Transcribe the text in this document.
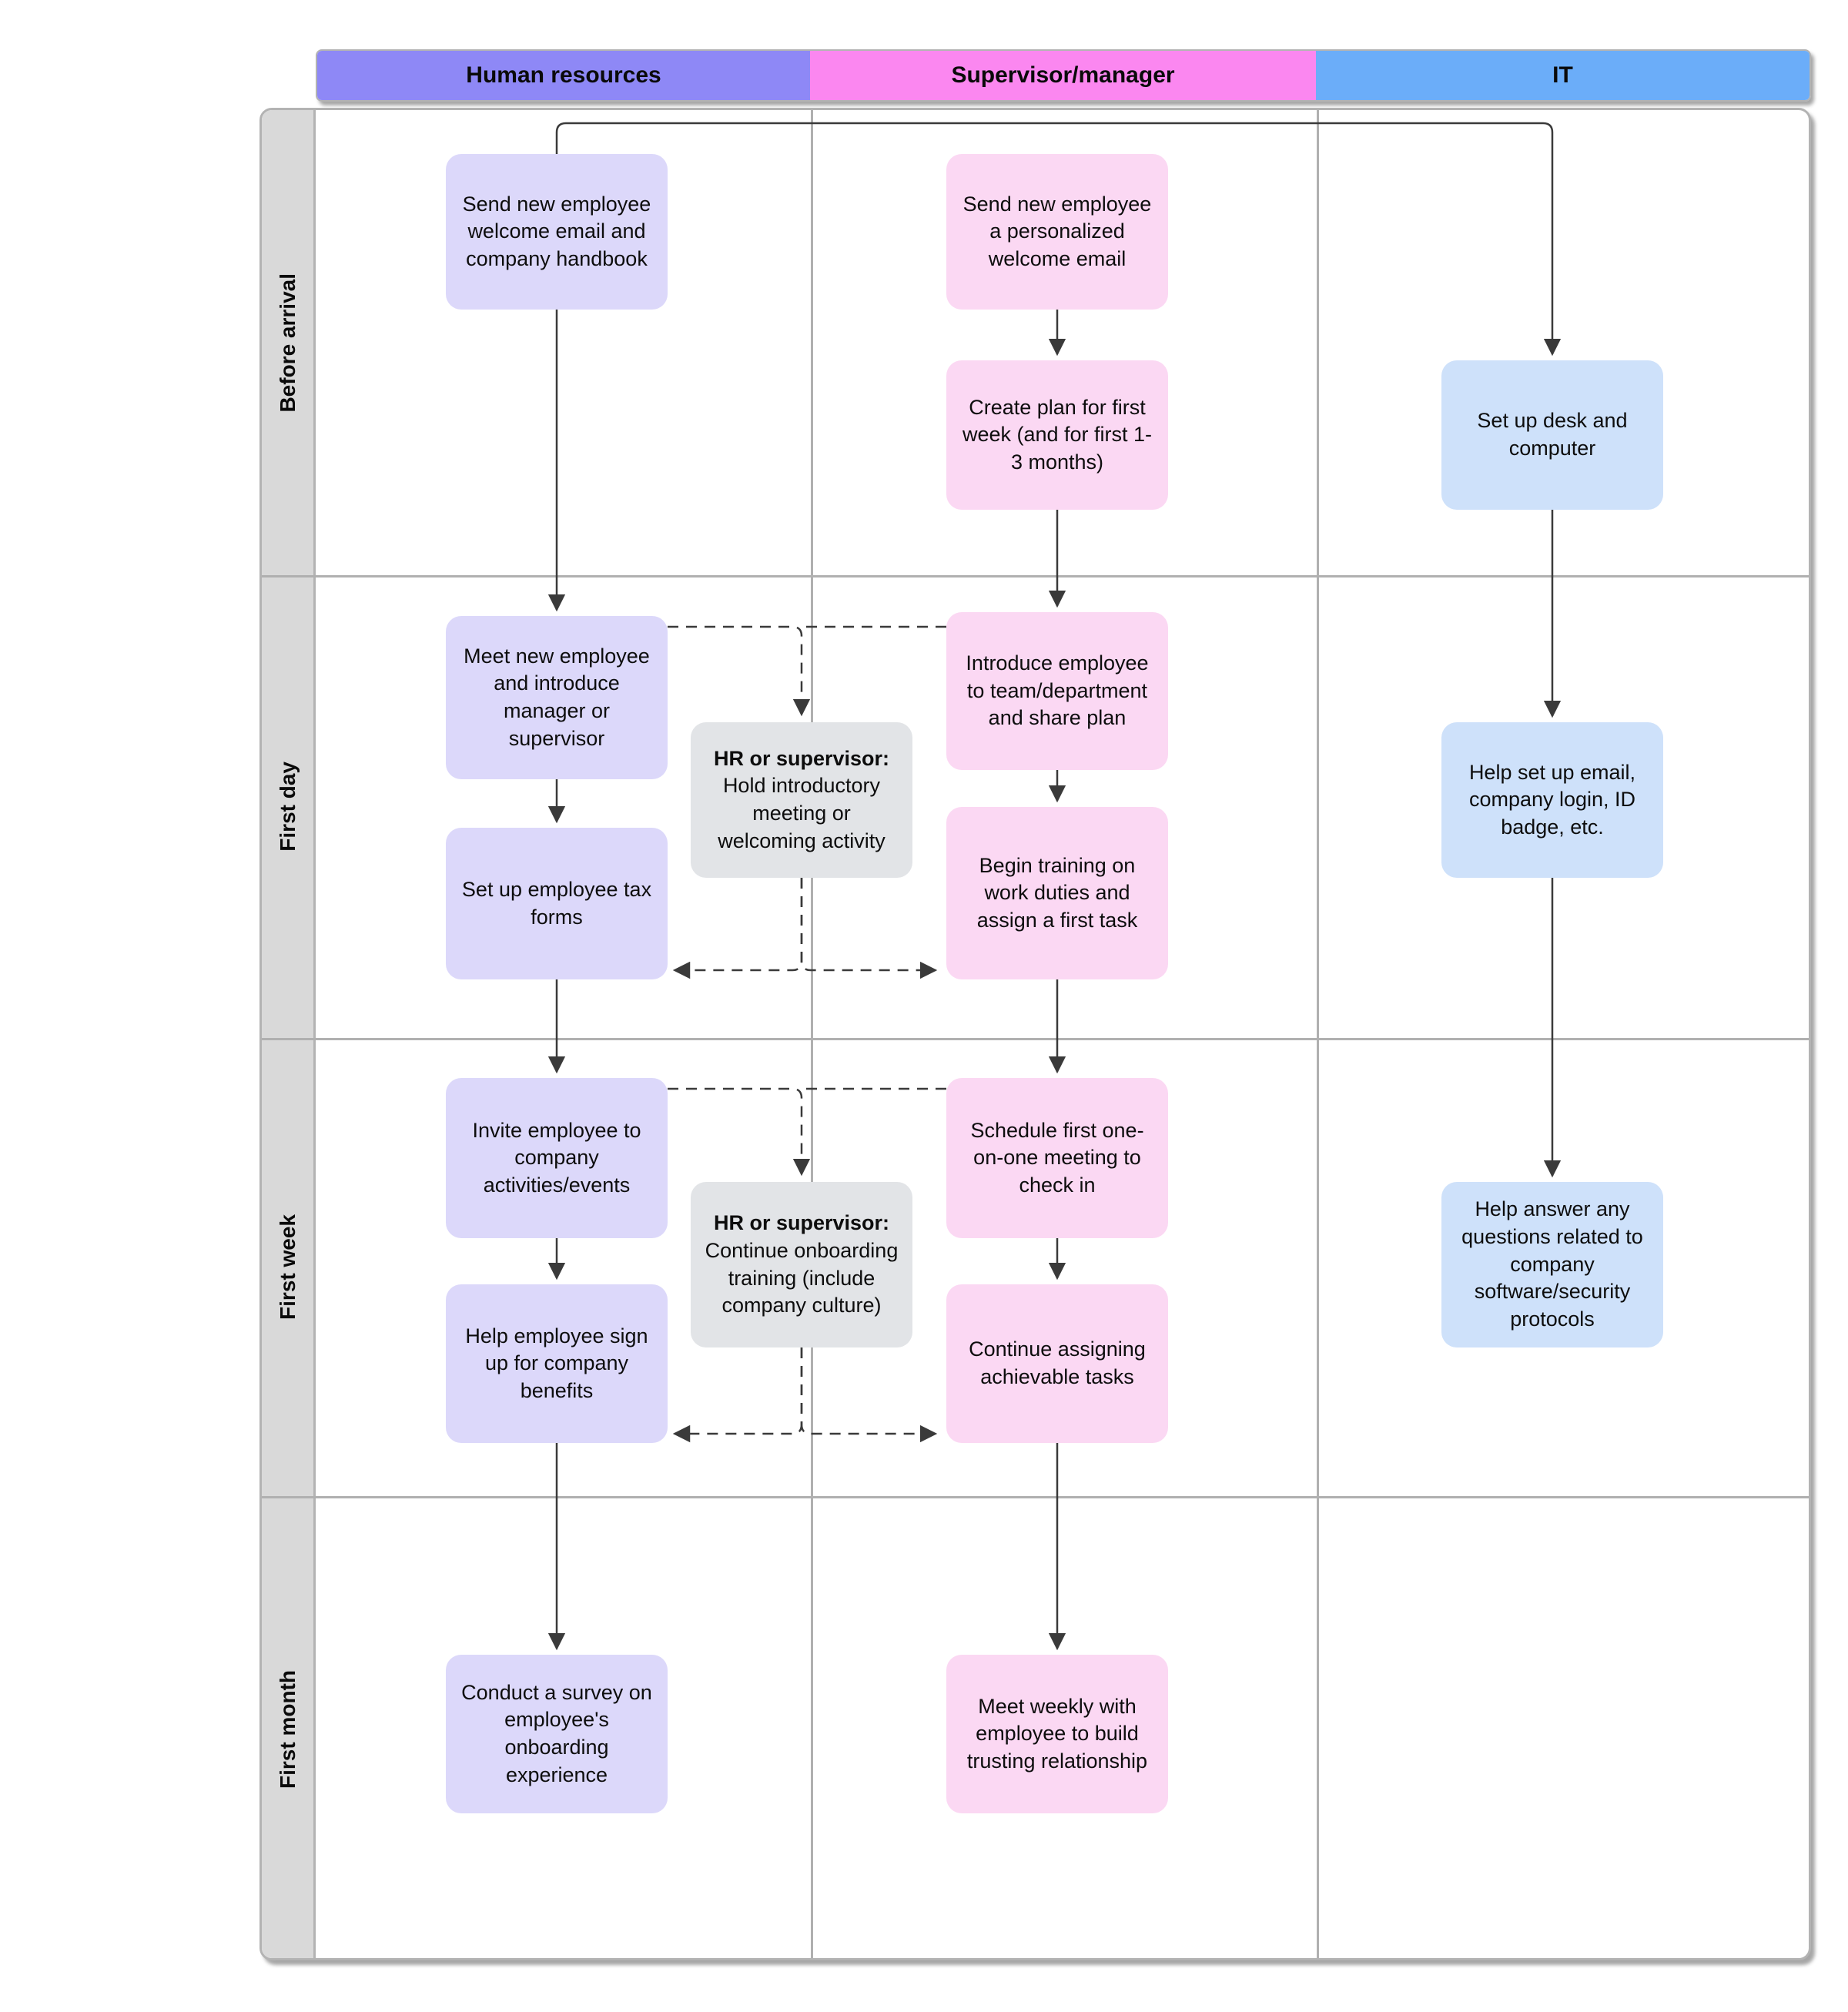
Human resources	Supervisor/manager	IT
Before arrival
First day
First week
First month
Send new employee welcome email and company handbook
Meet new employee and introduce manager or supervisor
Set up employee tax forms
Invite employee to company activities/events
Help employee sign up for company benefits
Conduct a survey on employee's onboarding experience
Send new employee a personalized welcome email
Create plan for first week (and for first 1-3 months)
Introduce employee to team/department and share plan
Begin training on work duties and assign a first task
Schedule first one-on-one meeting to check in
Continue assigning achievable tasks
Meet weekly with employee to build trusting relationship
Set up desk and computer
Help set up email, company login, ID badge, etc.
Help answer any questions related to company software/security protocols
HR or supervisor:
Hold introductory meeting or welcoming activity
HR or supervisor:
Continue onboarding training (include company culture)
